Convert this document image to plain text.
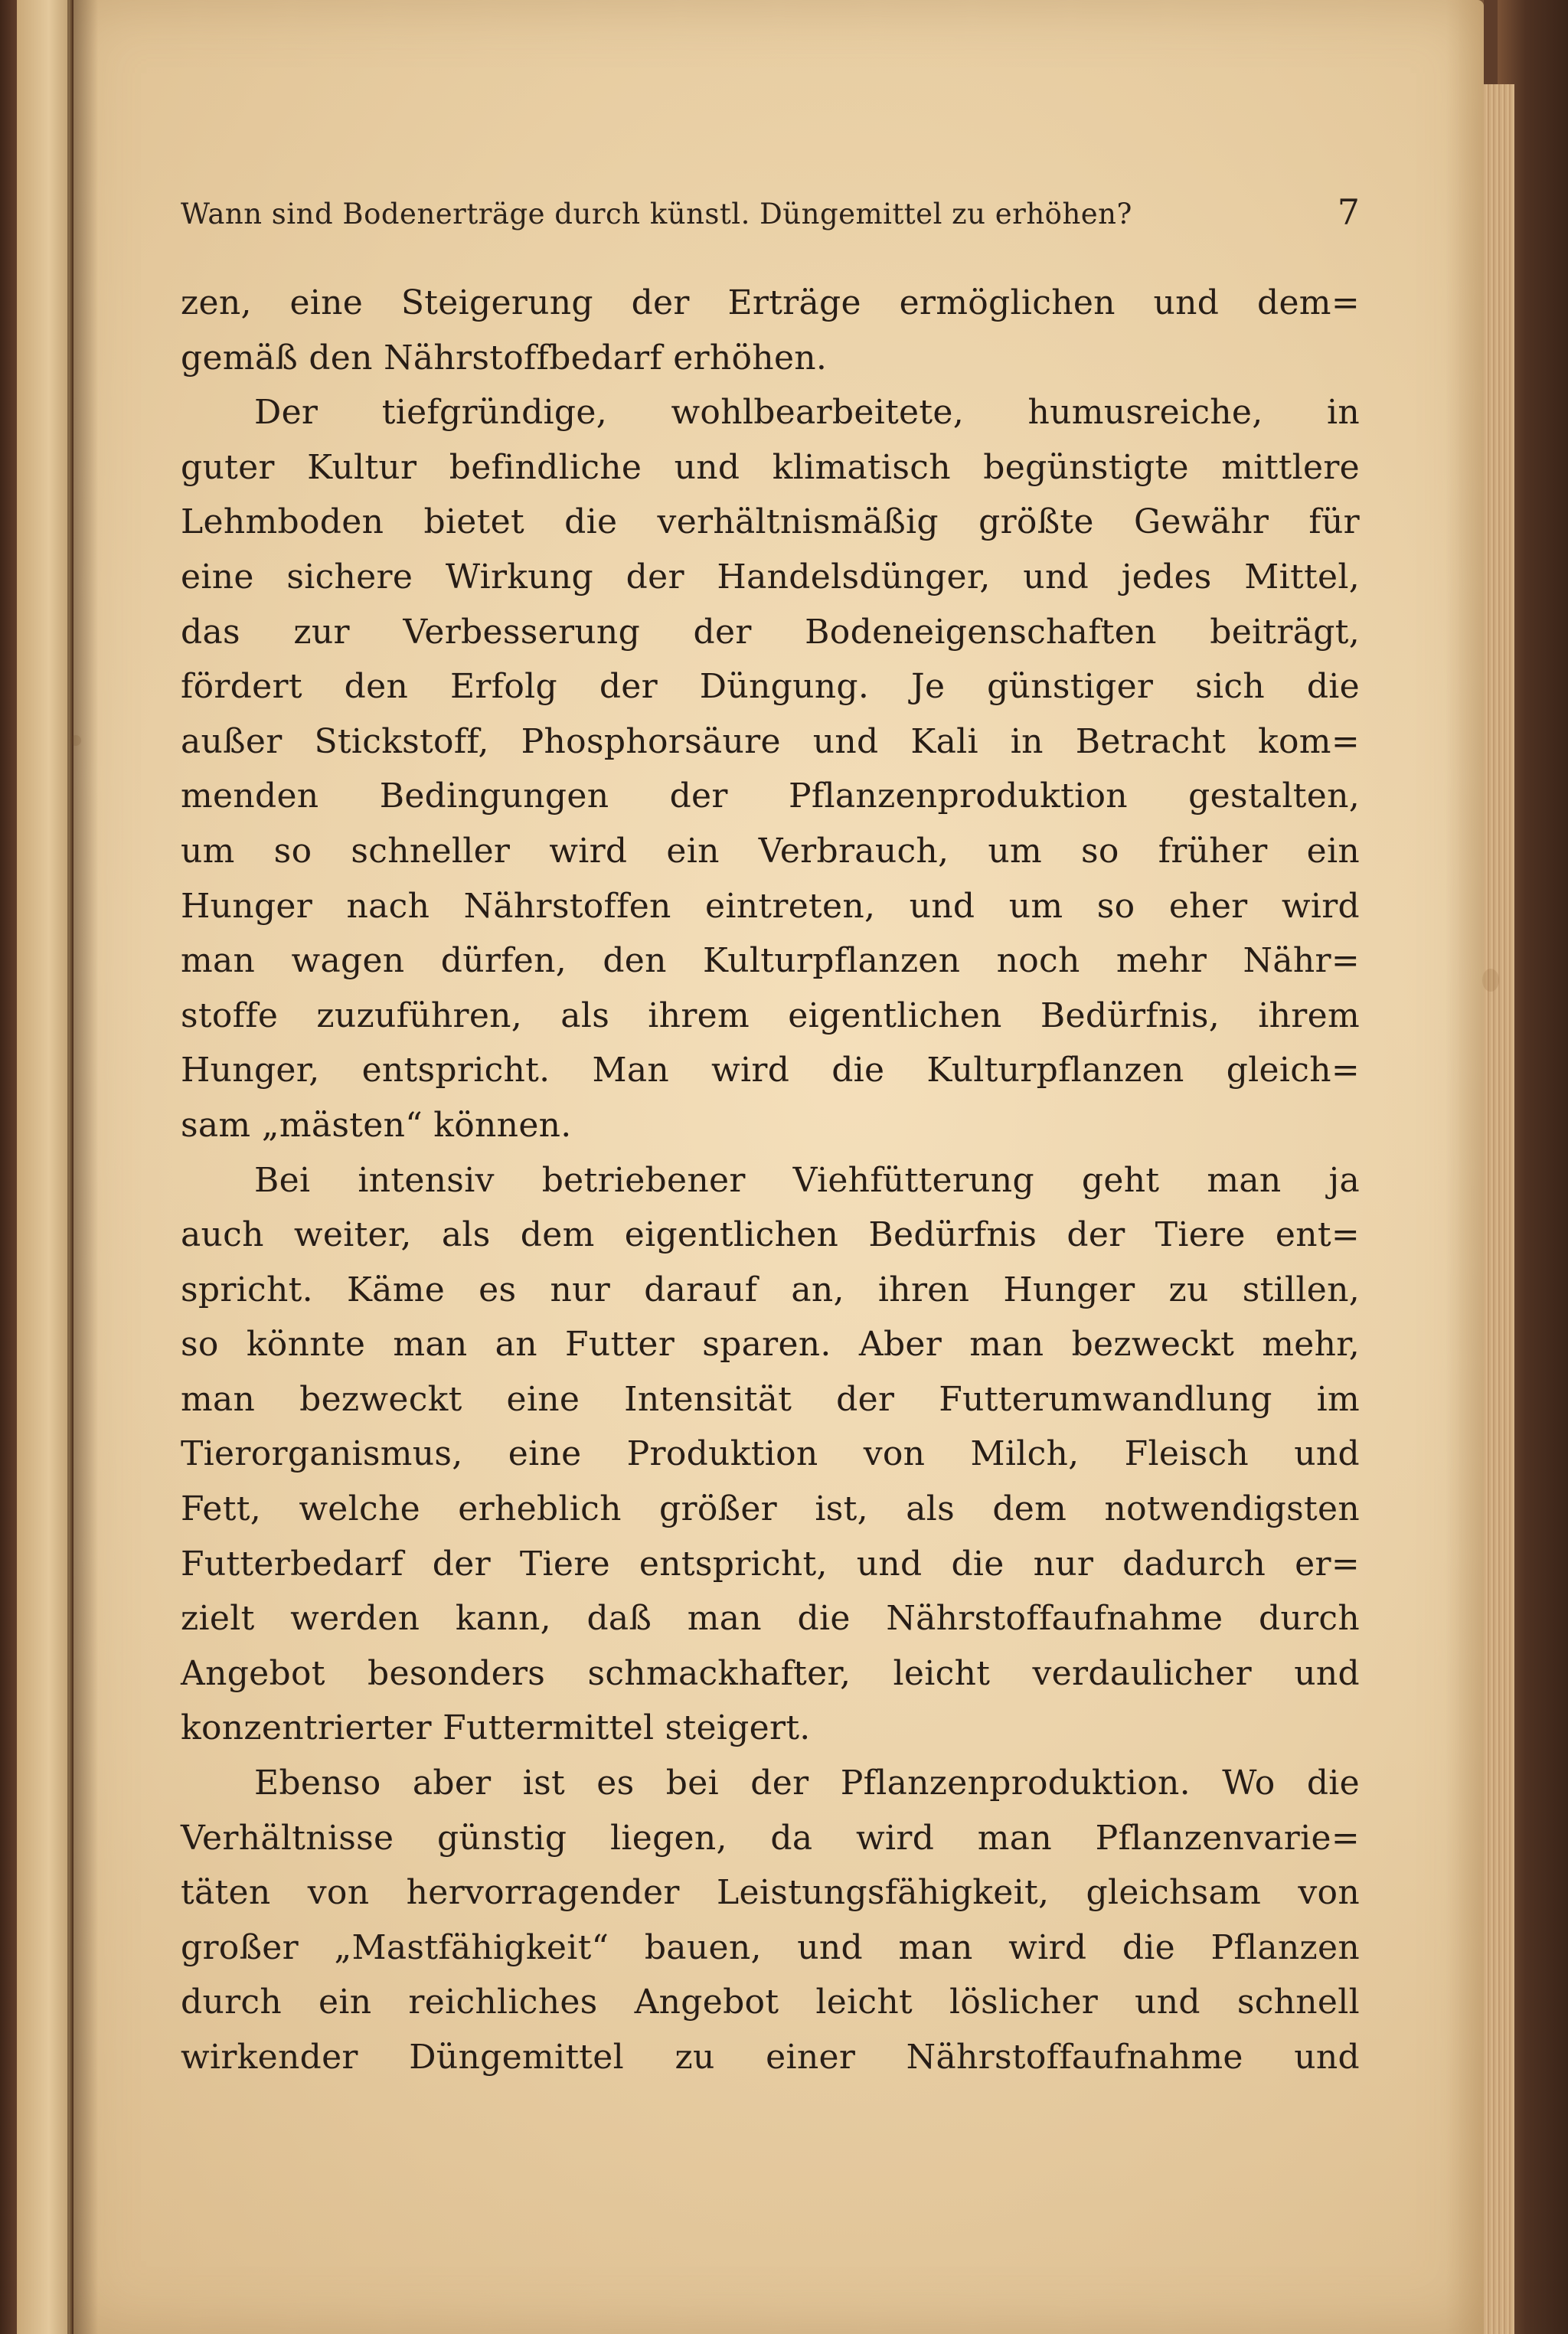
Wann sind Bodenerträge durch künstl. Düngemittel zu erhöhen?	7
zen, eine Steigerung der Erträge ermöglichen und dem=
gemäß den Nährstoffbedarf erhöhen.
Der tiefgründige, wohlbearbeitete, humusreiche, in
guter Kultur befindliche und klimatisch begünstigte mittlere
Lehmboden bietet die verhältnismäßig größte Gewähr für
eine sichere Wirkung der Handelsdünger, und jedes Mittel,
das zur Verbesserung der Bodeneigenschaften beiträgt,
fördert den Erfolg der Düngung. Je günstiger sich die
außer Stickstoff, Phosphorsäure und Kali in Betracht kom=
menden Bedingungen der Pflanzenproduktion gestalten,
um so schneller wird ein Verbrauch, um so früher ein
Hunger nach Nährstoffen eintreten, und um so eher wird
man wagen dürfen, den Kulturpflanzen noch mehr Nähr=
stoffe zuzuführen, als ihrem eigentlichen Bedürfnis, ihrem
Hunger, entspricht. Man wird die Kulturpflanzen gleich=
sam „mästen“ können.
Bei intensiv betriebener Viehfütterung geht man ja
auch weiter, als dem eigentlichen Bedürfnis der Tiere ent=
spricht. Käme es nur darauf an, ihren Hunger zu stillen,
so könnte man an Futter sparen. Aber man bezweckt mehr,
man bezweckt eine Intensität der Futterumwandlung im
Tierorganismus, eine Produktion von Milch, Fleisch und
Fett, welche erheblich größer ist, als dem notwendigsten
Futterbedarf der Tiere entspricht, und die nur dadurch er=
zielt werden kann, daß man die Nährstoffaufnahme durch
Angebot besonders schmackhafter, leicht verdaulicher und
konzentrierter Futtermittel steigert.
Ebenso aber ist es bei der Pflanzenproduktion. Wo die
Verhältnisse günstig liegen, da wird man Pflanzenvarie=
täten von hervorragender Leistungsfähigkeit, gleichsam von
großer „Mastfähigkeit“ bauen, und man wird die Pflanzen
durch ein reichliches Angebot leicht löslicher und schnell
wirkender Düngemittel zu einer Nährstoffaufnahme und
